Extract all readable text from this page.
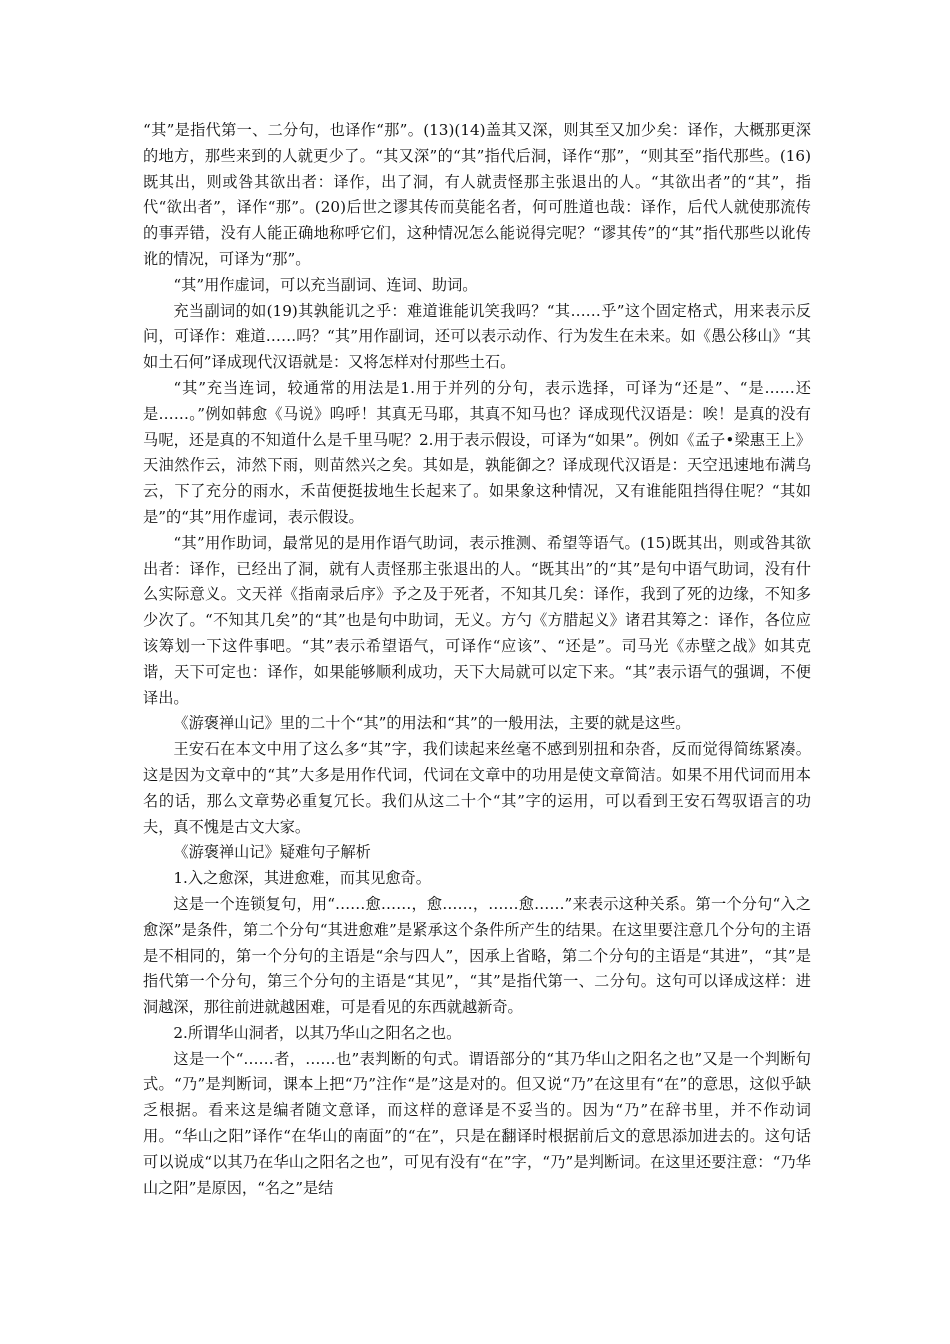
“其”是指代第一、二分句，也译作“那”。(13)(14)盖其又深，则其至又加少矣：译作，大概那更深的地方，那些来到的人就更少了。“其又深”的“其”指代后洞，译作“那”，“则其至”指代那些。(16)既其出，则或咎其欲出者：译作，出了洞，有人就责怪那主张退出的人。“其欲出者”的“其”，指代“欲出者”，译作“那”。(20)后世之谬其传而莫能名者，何可胜道也哉：译作，后代人就使那流传的事弄错，没有人能正确地称呼它们，这种情况怎么能说得完呢？“谬其传”的“其”指代那些以讹传讹的情况，可译为“那”。

“其”用作虚词，可以充当副词、连词、助词。

充当副词的如(19)其孰能讥之乎：难道谁能讥笑我吗？“其……乎”这个固定格式，用来表示反问，可译作：难道……吗？“其”用作副词，还可以表示动作、行为发生在未来。如《愚公移山》“其如土石何”译成现代汉语就是：又将怎样对付那些土石。

“其”充当连词，较通常的用法是1.用于并列的分句，表示选择，可译为“还是”、“是……还是……。”例如韩愈《马说》呜呼！其真无马耶，其真不知马也？译成现代汉语是：唉！是真的没有马呢，还是真的不知道什么是千里马呢？2.用于表示假设，可译为“如果”。例如《孟子•梁惠王上》天油然作云，沛然下雨，则苗然兴之矣。其如是，孰能御之？译成现代汉语是：天空迅速地布满乌云，下了充分的雨水，禾苗便挺拔地生长起来了。如果象这种情况，又有谁能阻挡得住呢？“其如是”的“其”用作虚词，表示假设。

“其”用作助词，最常见的是用作语气助词，表示推测、希望等语气。(15)既其出，则或咎其欲出者：译作，已经出了洞，就有人责怪那主张退出的人。“既其出”的“其”是句中语气助词，没有什么实际意义。文天祥《指南录后序》予之及于死者，不知其几矣：译作，我到了死的边缘，不知多少次了。“不知其几矣”的“其”也是句中助词，无义。方勺《方腊起义》诸君其筹之：译作，各位应该筹划一下这件事吧。“其”表示希望语气，可译作“应该”、“还是”。司马光《赤壁之战》如其克谐，天下可定也：译作，如果能够顺利成功，天下大局就可以定下来。“其”表示语气的强调，不便译出。

《游褒禅山记》里的二十个“其”的用法和“其”的一般用法，主要的就是这些。

王安石在本文中用了这么多“其”字，我们读起来丝毫不感到别扭和杂沓，反而觉得简练紧凑。这是因为文章中的“其”大多是用作代词，代词在文章中的功用是使文章简洁。如果不用代词而用本名的话，那么文章势必重复冗长。我们从这二十个“其”字的运用，可以看到王安石驾驭语言的功夫，真不愧是古文大家。

《游褒禅山记》疑难句子解析

1.入之愈深，其进愈难，而其见愈奇。

这是一个连锁复句，用“……愈……，愈……，……愈……”来表示这种关系。第一个分句“入之愈深”是条件，第二个分句“其进愈难”是紧承这个条件所产生的结果。在这里要注意几个分句的主语是不相同的，第一个分句的主语是“余与四人”，因承上省略，第二个分句的主语是“其进”，“其”是指代第一个分句，第三个分句的主语是“其见”，“其”是指代第一、二分句。这句可以译成这样：进洞越深，那往前进就越困难，可是看见的东西就越新奇。

2.所谓华山洞者，以其乃华山之阳名之也。

这是一个“……者，……也”表判断的句式。谓语部分的“其乃华山之阳名之也”又是一个判断句式。“乃”是判断词，课本上把“乃”注作“是”这是对的。但又说“乃”在这里有“在”的意思，这似乎缺乏根据。看来这是编者随文意译，而这样的意译是不妥当的。因为“乃”在辞书里，并不作动词用。“华山之阳”译作“在华山的南面”的“在”，只是在翻译时根据前后文的意思添加进去的。这句话可以说成“以其乃在华山之阳名之也”，可见有没有“在”字，“乃”是判断词。在这里还要注意：“乃华山之阳”是原因，“名之”是结
